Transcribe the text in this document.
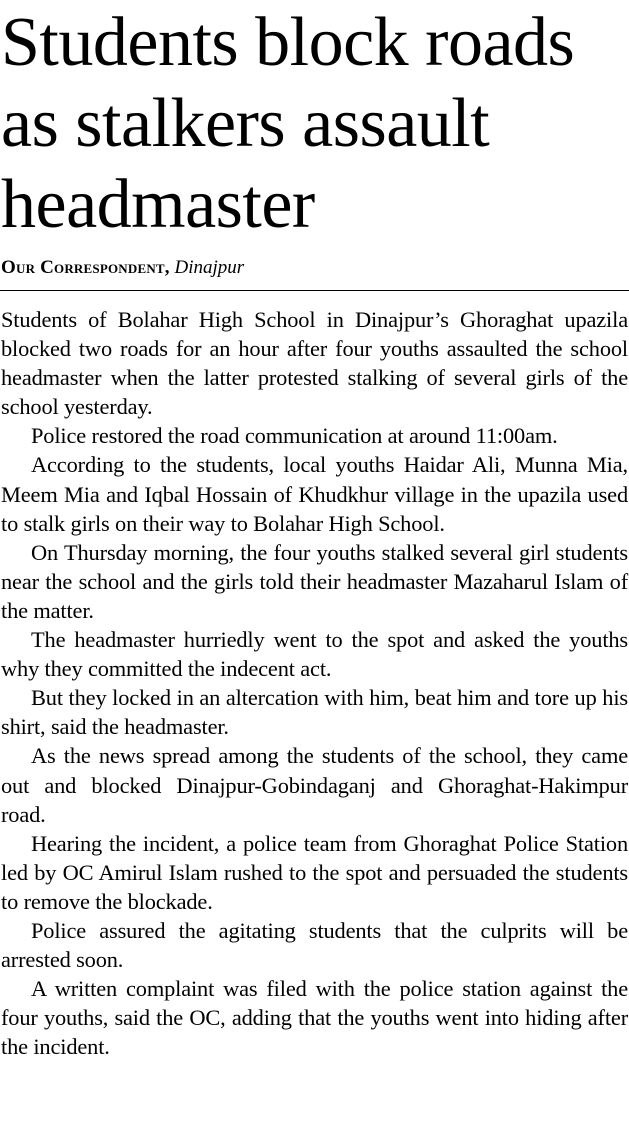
Students block roads as stalkers assault headmaster
Our Correspondent, Dinajpur

Students of Bolahar High School in Dinajpur’s Ghoraghat upazila blocked two roads for an hour after four youths assaulted the school headmaster when the latter protested stalking of several girls of the school yesterday.

Police restored the road communication at around 11:00am.

According to the students, local youths Haidar Ali, Munna Mia, Meem Mia and Iqbal Hossain of Khudkhur village in the upazila used to stalk girls on their way to Bolahar High School.

On Thursday morning, the four youths stalked several girl students near the school and the girls told their headmaster Mazaharul Islam of the matter.

The headmaster hurriedly went to the spot and asked the youths why they committed the indecent act.

But they locked in an altercation with him, beat him and tore up his shirt, said the headmaster.

As the news spread among the students of the school, they came out and blocked Dinajpur-Gobindaganj and Ghoraghat-Hakimpur road.

Hearing the incident, a police team from Ghoraghat Police Station led by OC Amirul Islam rushed to the spot and persuaded the students to remove the blockade.

Police assured the agitating students that the culprits will be arrested soon.

A written complaint was filed with the police station against the four youths, said the OC, adding that the youths went into hiding after the incident.
